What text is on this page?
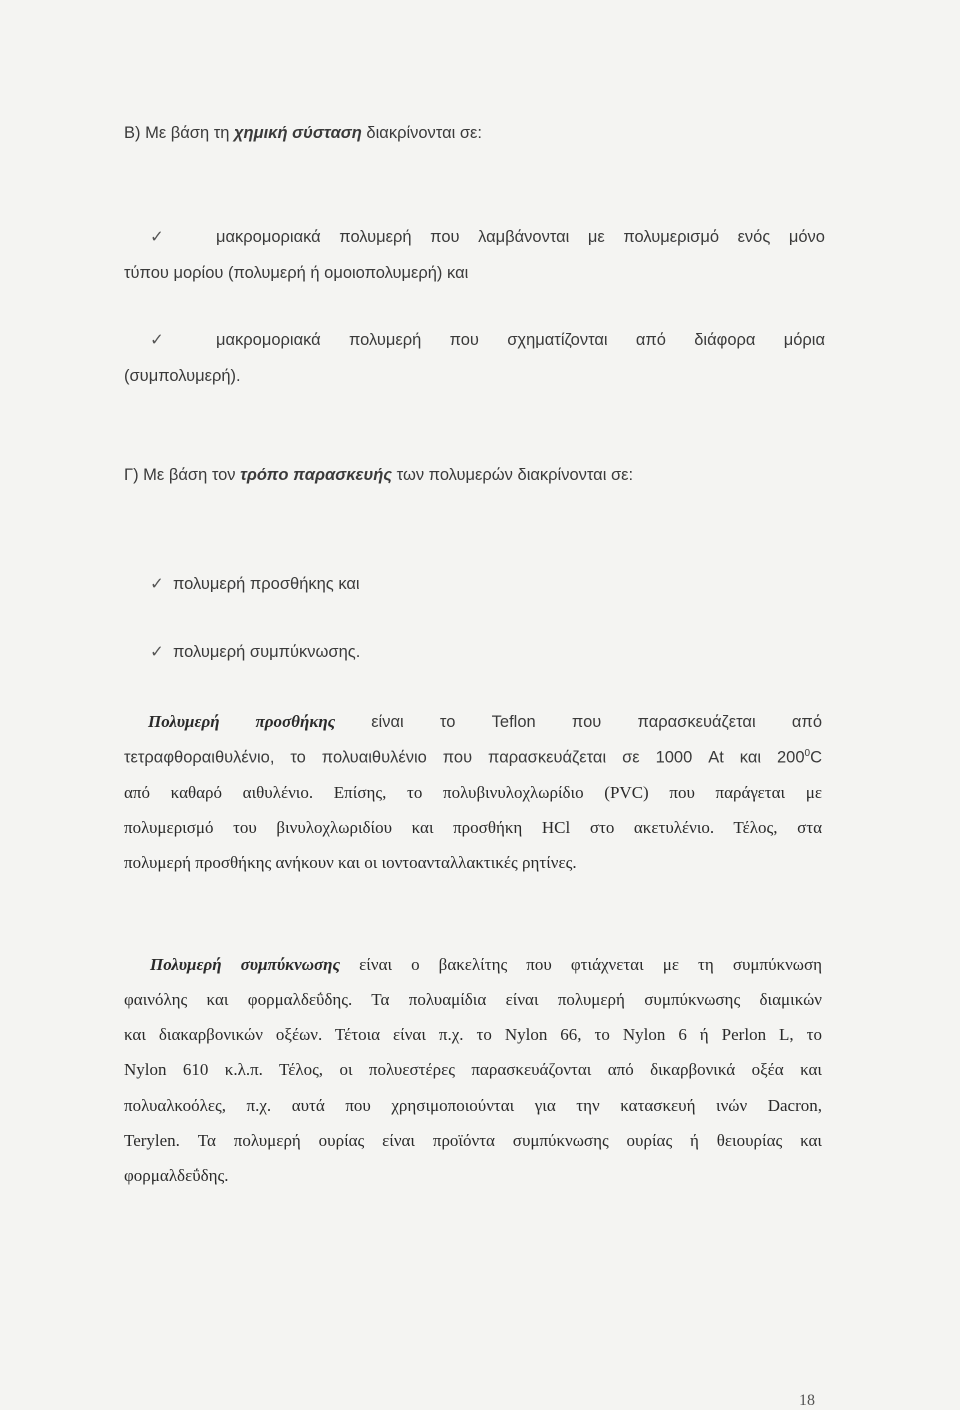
Β) Με βάση τη χημική σύσταση διακρίνονται σε:

✓	μακρομοριακά πολυμερή που λαμβάνονται με πολυμερισμό ενός μόνο

τύπου μορίου (πολυμερή ή ομοιοπολυμερή) και

✓	μακρομοριακά πολυμερή που σχηματίζονται από διάφορα μόρια

(συμπολυμερή).

Γ) Με βάση τον τρόπο παρασκευής των πολυμερών διακρίνονται σε:

✓ πολυμερή προσθήκης και

✓ πολυμερή συμπύκνωσης.

Πολυμερή προσθήκης είναι το Teflon που παρασκευάζεται από

τετραφθοραιθυλένιο, το πολυαιθυλένιο που παρασκευάζεται σε 1000 At και $200^0C$

από καθαρό αιθυλένιο. Επίσης, το πολυβινυλοχλωρίδιο (PVC) που παράγεται με

πολυμερισμό του βινυλοχλωριδίου και προσθήκη HCl στο ακετυλένιο. Τέλος, στα

πολυμερή προσθήκης ανήκουν και οι ιοντοανταλλακτικές ρητίνες.

Πολυμερή συμπύκνωσης είναι ο βακελίτης που φτιάχνεται με τη συμπύκνωση

φαινόλης και φορμαλδεΰδης. Τα πολυαμίδια είναι πολυμερή συμπύκνωσης διαμικών

και διακαρβονικών οξέων. Τέτοια είναι π.χ. το Nylon 66, το Nylon 6 ή Perlon L, το

Nylon 610 κ.λ.π. Τέλος, οι πολυεστέρες παρασκευάζονται από δικαρβονικά οξέα και

πολυαλκοόλες, π.χ. αυτά που χρησιμοποιούνται για την κατασκευή ινών Dacron,

Terylen. Τα πολυμερή ουρίας είναι προϊόντα συμπύκνωσης ουρίας ή θειουρίας και

φορμαλδεΰδης.

18
